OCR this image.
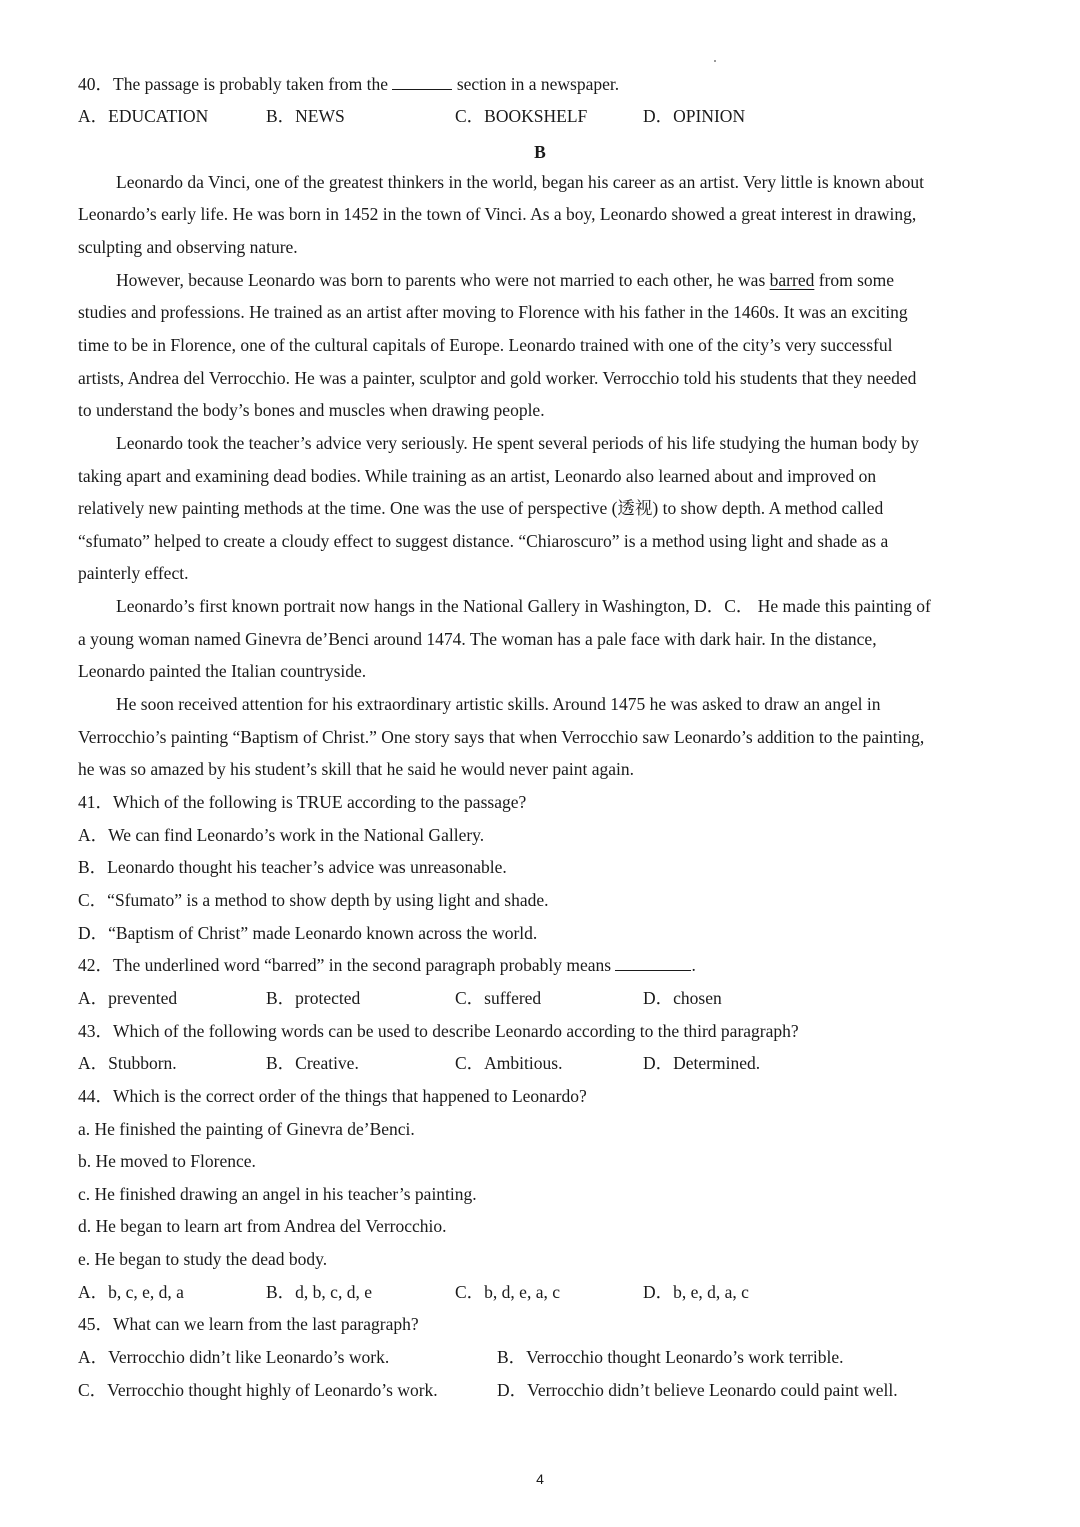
40．The passage is probably taken from the	section in a newspaper.
A．EDUCATION	B．NEWS	C．BOOKSHELF	D．OPINION
B
Leonardo da Vinci, one of the greatest thinkers in the world, began his career as an artist. Very little is known about
Leonardo’s early life. He was born in 1452 in the town of Vinci. As a boy, Leonardo showed a great interest in drawing,
sculpting and observing nature.
However, because Leonardo was born to parents who were not married to each other, he was barred from some
studies and professions. He trained as an artist after moving to Florence with his father in the 1460s. It was an exciting
time to be in Florence, one of the cultural capitals of Europe. Leonardo trained with one of the city’s very successful
artists, Andrea del Verrocchio. He was a painter, sculptor and gold worker. Verrocchio told his students that they needed
to understand the body’s bones and muscles when drawing people.
Leonardo took the teacher’s advice very seriously. He spent several periods of his life studying the human body by
taking apart and examining dead bodies. While training as an artist, Leonardo also learned about and improved on
relatively new painting methods at the time. One was the use of perspective (透视) to show depth. A method called
“sfumato” helped to create a cloudy effect to suggest distance. “Chiaroscuro” is a method using light and shade as a
painterly effect.
Leonardo’s first known portrait now hangs in the National Gallery in Washington, D．C． He made this painting of
a young woman named Ginevra de’Benci around 1474. The woman has a pale face with dark hair. In the distance,
Leonardo painted the Italian countryside.
He soon received attention for his extraordinary artistic skills. Around 1475 he was asked to draw an angel in
Verrocchio’s painting “Baptism of Christ.” One story says that when Verrocchio saw Leonardo’s addition to the painting,
he was so amazed by his student’s skill that he said he would never paint again.
41．Which of the following is TRUE according to the passage?
A．We can find Leonardo’s work in the National Gallery.
B．Leonardo thought his teacher’s advice was unreasonable.
C．“Sfumato” is a method to show depth by using light and shade.
D．“Baptism of Christ” made Leonardo known across the world.
42．The underlined word “barred” in the second paragraph probably means	.
A．prevented	B．protected	C．suffered	D．chosen
43．Which of the following words can be used to describe Leonardo according to the third paragraph?
A．Stubborn.	B．Creative.	C．Ambitious.	D．Determined.
44．Which is the correct order of the things that happened to Leonardo?
a. He finished the painting of Ginevra de’Benci.
b. He moved to Florence.
c. He finished drawing an angel in his teacher’s painting.
d. He began to learn art from Andrea del Verrocchio.
e. He began to study the dead body.
A．b, c, e, d, a	B．d, b, c, d, e	C．b, d, e, a, c	D．b, e, d, a, c
45．What can we learn from the last paragraph?
A．Verrocchio didn’t like Leonardo’s work.	B．Verrocchio thought Leonardo’s work terrible.
C．Verrocchio thought highly of Leonardo’s work.	D．Verrocchio didn’t believe Leonardo could paint well.
4
